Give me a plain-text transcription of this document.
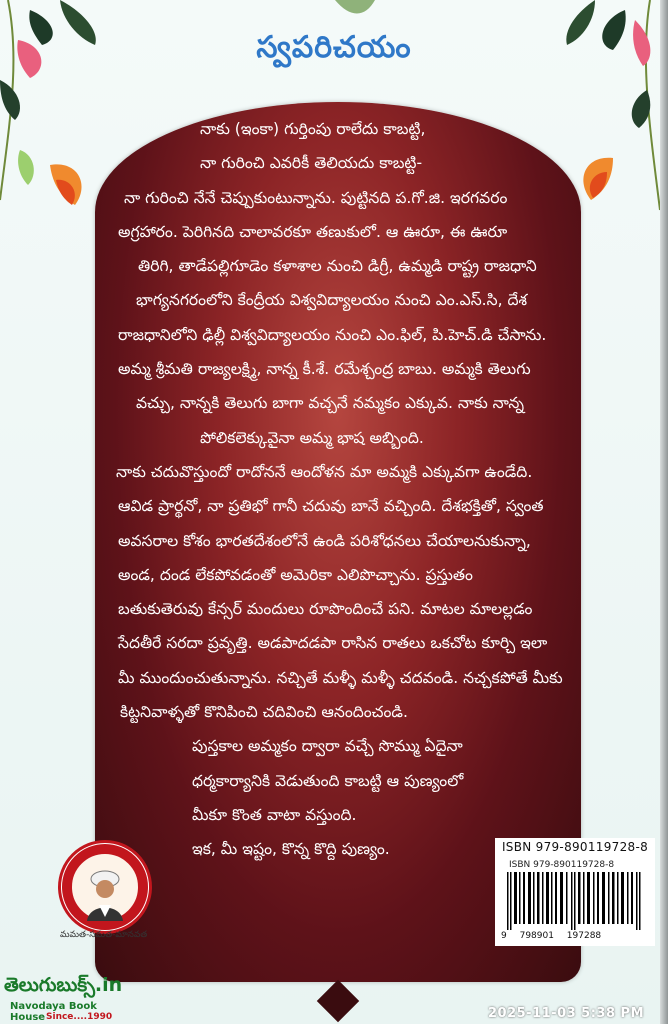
స్వపరిచయం

నాకు (ఇంకా) గుర్తింపు రాలేదు కాబట్టి,

నా గురించి ఎవరికీ తెలియదు కాబట్టి-

నా గురించి నేనే చెప్పుకుంటున్నాను. పుట్టినది ప.గో.జి. ఇరగవరం

అగ్రహారం. పెరిగినది చాలావరకూ తణుకులో. ఆ ఊరూ, ఈ ఊరూ

తిరిగి, తాడేపల్లిగూడెం కళాశాల నుంచి డిగ్రీ, ఉమ్మడి రాష్ట్ర రాజధాని

భాగ్యనగరంలోని కేంద్రీయ విశ్వవిద్యాలయం నుంచి ఎం.ఎస్.సి, దేశ

రాజధానిలోని ఢిల్లీ విశ్వవిద్యాలయం నుంచి ఎం.ఫిల్, పి.హెచ్.డి చేసాను.

అమ్మ శ్రీమతి రాజ్యలక్ష్మి, నాన్న కీ.శే. రమేశ్చంద్ర బాబు. అమ్మకి తెలుగు

వచ్చు, నాన్నకి తెలుగు బాగా వచ్చనే నమ్మకం ఎక్కువ. నాకు నాన్న

పోలికలెక్కువైనా అమ్మ భాష అబ్బింది.

నాకు చదువొస్తుందో రాదోననే ఆందోళన మా అమ్మకి ఎక్కువగా ఉండేది.

ఆవిడ ప్రార్థనో, నా ప్రతిభో గానీ చదువు బానే వచ్చింది. దేశభక్తితో, స్వంత

అవసరాల కోశం భారతదేశంలోనే ఉండి పరిశోధనలు చేయాలనుకున్నా,

అండ, దండ లేకపోవడంతో అమెరికా ఎలిపొచ్చాను. ప్రస్తుతం

బతుకుతెరువు కేన్సర్ మందులు రూపొందించే పని. మాటల మాలల్లడం

సేదతీరే సరదా ప్రవృత్తి. అడపాదడపా రాసిన రాతలు ఒకచోట కూర్చి ఇలా

మీ ముందుంచుతున్నాను. నచ్చితే మళ్ళీ మళ్ళీ చదవండి. నచ్చకపోతే మీకు

కిట్టనివాళ్ళతో కొనిపించి చదివించి ఆనందించండి.

పుస్తకాల అమ్మకం ద్వారా వచ్చే సొమ్ము ఏదైనా

ధర్మకార్యానికి వెడుతుంది కాబట్టి ఆ పుణ్యంలో

మీకూ కొంత వాటా వస్తుంది.

ఇక, మీ ఇష్టం, కొన్న కొద్ది పుణ్యం.

మమత-సమత-మానవత
ISBN 979-890119728-8
ISBN 979-890119728-8
9 798901 197288
తెలుగుబుక్స్.in
Navodaya Book House Since....1990	2025-11-03 5:38 PM
